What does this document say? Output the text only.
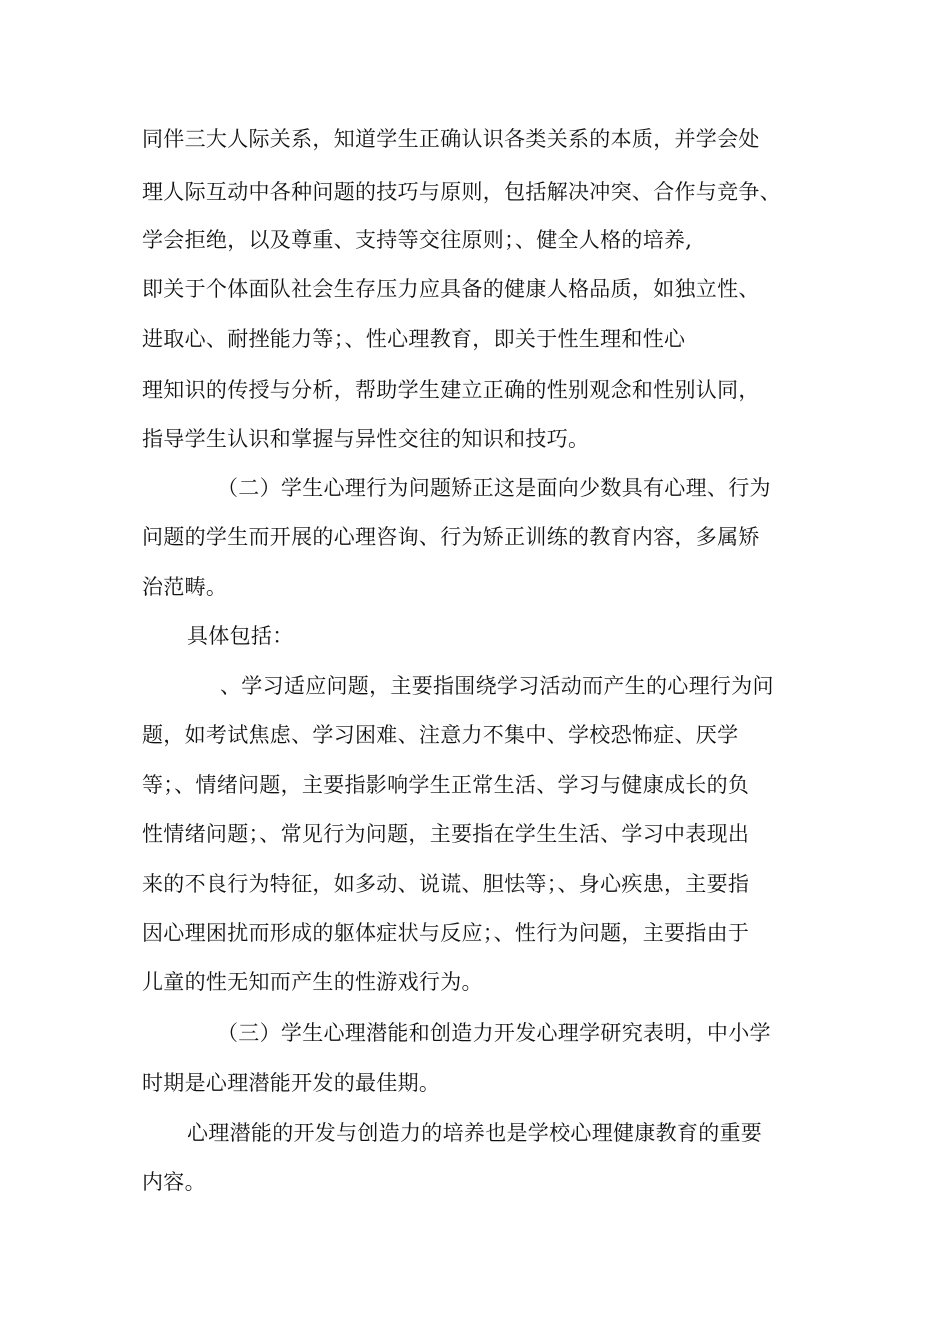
同伴三大人际关系，知道学生正确认识各类关系的本质，并学会处
理人际互动中各种问题的技巧与原则，包括解决冲突、合作与竞争、
学会拒绝，以及尊重、支持等交往原则；、健全人格的培养,
即关于个体面队社会生存压力应具备的健康人格品质，如独立性、
进取心、耐挫能力等；、性心理教育，即关于性生理和性心
理知识的传授与分析，帮助学生建立正确的性别观念和性别认同，
指导学生认识和掌握与异性交往的知识和技巧。
（二）学生心理行为问题矫正这是面向少数具有心理、行为
问题的学生而开展的心理咨询、行为矫正训练的教育内容，多属矫
治范畴。
具体包括：
、学习适应问题，主要指围绕学习活动而产生的心理行为问
题，如考试焦虑、学习困难、注意力不集中、学校恐怖症、厌学
等；、情绪问题，主要指影响学生正常生活、学习与健康成长的负
性情绪问题；、常见行为问题，主要指在学生生活、学习中表现出
来的不良行为特征，如多动、说谎、胆怯等；、身心疾患，主要指
因心理困扰而形成的躯体症状与反应；、性行为问题，主要指由于
儿童的性无知而产生的性游戏行为。
（三）学生心理潜能和创造力开发心理学研究表明，中小学
时期是心理潜能开发的最佳期。
心理潜能的开发与创造力的培养也是学校心理健康教育的重要
内容。
